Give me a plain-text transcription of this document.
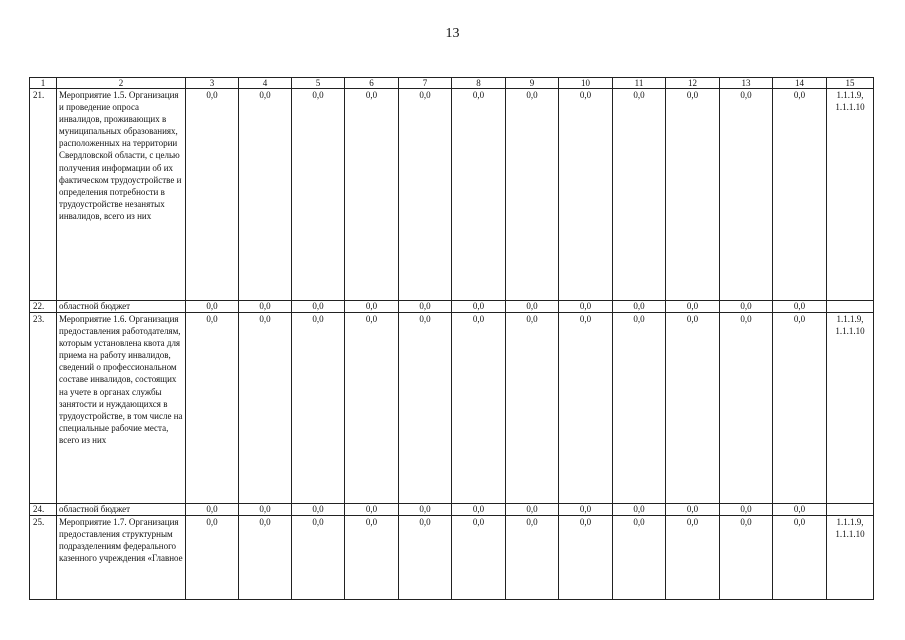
13
1	2	3	4	5	6	7	8	9	10	11	12	13	14	15
21.	Мероприятие 1.5. Организация и проведение опроса инвалидов, проживающих в муниципальных образованиях, расположенных на территории Свердловской области, с целью получения информации об их фактическом трудоустройстве и определения потребности в трудоустройстве незанятых инвалидов, всего из них	0,0	0,0	0,0	0,0	0,0	0,0	0,0	0,0	0,0	0,0	0,0	0,0	1.1.1.9, 1.1.1.10
22.	областной бюджет	0,0	0,0	0,0	0,0	0,0	0,0	0,0	0,0	0,0	0,0	0,0	0,0	
23.	Мероприятие 1.6. Организация предоставления работодателям, которым установлена квота для приема на работу инвалидов, сведений о профессиональном составе инвалидов, состоящих на учете в органах службы занятости и нуждающихся в трудоустройстве, в том числе на специальные рабочие места, всего из них	0,0	0,0	0,0	0,0	0,0	0,0	0,0	0,0	0,0	0,0	0,0	0,0	1.1.1.9, 1.1.1.10
24.	областной бюджет	0,0	0,0	0,0	0,0	0,0	0,0	0,0	0,0	0,0	0,0	0,0	0,0	
25.	Мероприятие 1.7. Организация предоставления структурным подразделениям федерального казенного учреждения «Главное	0,0	0,0	0,0	0,0	0,0	0,0	0,0	0,0	0,0	0,0	0,0	0,0	1.1.1.9, 1.1.1.10
